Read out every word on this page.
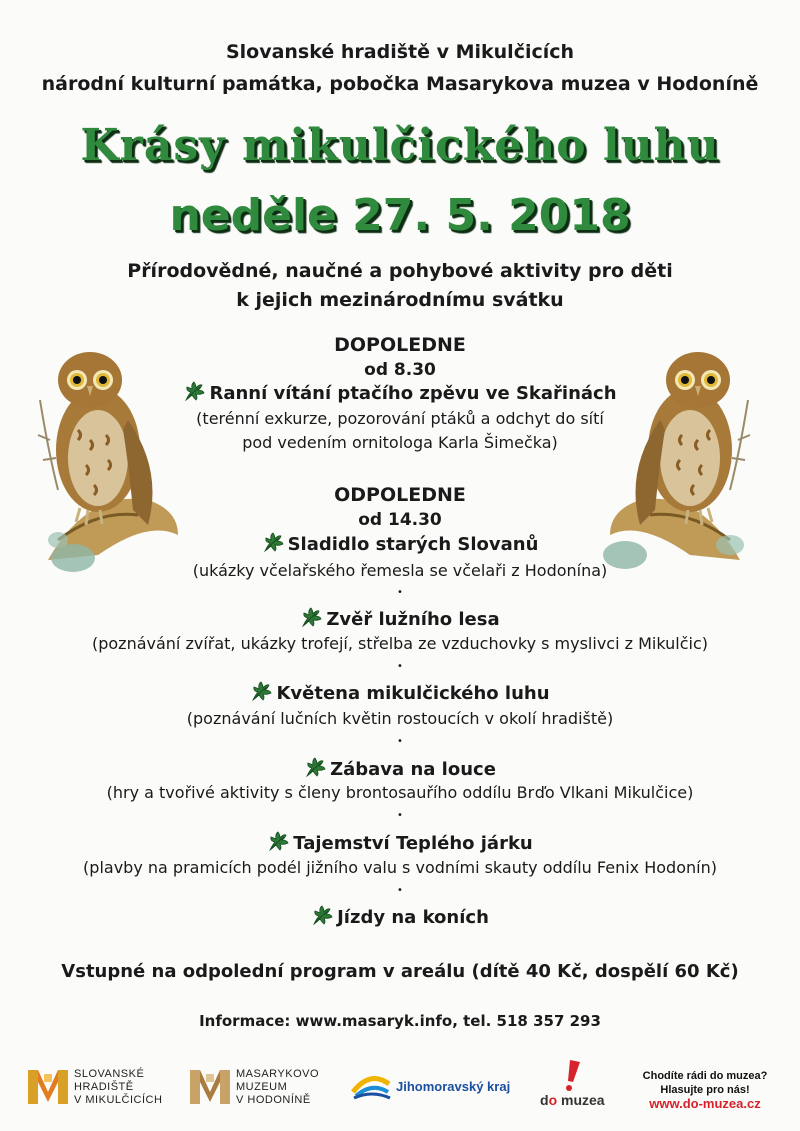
Slovanské hradiště v Mikulčicích
národní kulturní památka, pobočka Masarykova muzea v Hodoníně
Krásy mikulčického luhu
neděle 27. 5. 2018
Přírodovědné, naučné a pohybové aktivity pro děti
k jejich mezinárodnímu svátku
DOPOLEDNE
od 8.30
Ranní vítání ptačího zpěvu ve Skařinách
(terénní exkurze, pozorování ptáků a odchyt do sítí
pod vedením ornitologa Karla Šimečka)
ODPOLEDNE
od 14.30
Sladidlo starých Slovanů
(ukázky včelařského řemesla se včelaři z Hodonína)
•
Zvěř lužního lesa
(poznávání zvířat, ukázky trofejí, střelba ze vzduchovky s myslivci z Mikulčic)
•
Květena mikulčického luhu
(poznávání lučních květin rostoucích v okolí hradiště)
•
Zábava na louce
(hry a tvořivé aktivity s členy brontosauřího oddílu Brďo Vlkani Mikulčice)
•
Tajemství Teplého járku
(plavby na pramicích podél jižního valu s vodními skauty oddílu Fenix Hodonín)
•
Jízdy na koních
Vstupné na odpolední program v areálu (dítě 40 Kč, dospělí 60 Kč)
Informace: www.masaryk.info, tel. 518 357 293
SLOVANSKÉ
HRADIŠTĚ
V MIKULČICÍCH
MASARYKOVO
MUZEUM
V HODONÍNĚ
Jihomoravský kraj
do muzea
Chodíte rádi do muzea?
Hlasujte pro nás!
www.do-muzea.cz
